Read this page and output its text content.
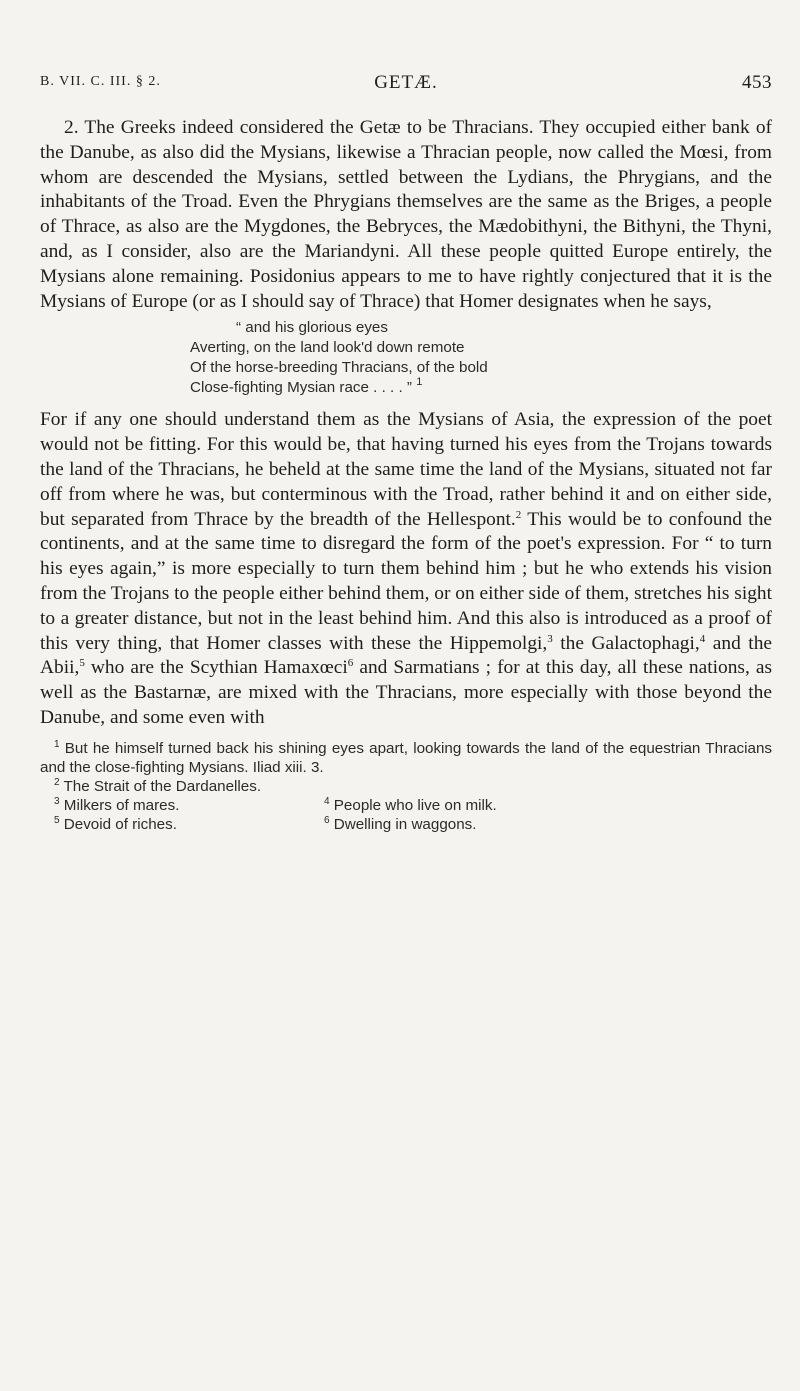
B. VII. C. III. § 2.	GETÆ.	453

2. The Greeks indeed considered the Getæ to be Thracians. They occupied either bank of the Danube, as also did the Mysians, likewise a Thracian people, now called the Mœsi, from whom are descended the Mysians, settled between the Lydians, the Phrygians, and the inhabitants of the Troad. Even the Phrygians themselves are the same as the Briges, a people of Thrace, as also are the Mygdones, the Bebryces, the Mædobithyni, the Bithyni, the Thyni, and, as I consider, also are the Mariandyni. All these people quitted Europe entirely, the Mysians alone remaining. Posidonius appears to me to have rightly conjectured that it is the Mysians of Europe (or as I should say of Thrace) that Homer designates when he says,

“ and his glorious eyes
Averting, on the land look'd down remote
Of the horse-breeding Thracians, of the bold
Close-fighting Mysian race . . . . ” $^1$

For if any one should understand them as the Mysians of Asia, the expression of the poet would not be fitting. For this would be, that having turned his eyes from the Trojans towards the land of the Thracians, he beheld at the same time the land of the Mysians, situated not far off from where he was, but conterminous with the Troad, rather behind it and on either side, but separated from Thrace by the breadth of the Hellespont.$^2$ This would be to confound the continents, and at the same time to disregard the form of the poet's expression. For “ to turn his eyes again,” is more especially to turn them behind him ; but he who extends his vision from the Trojans to the people either behind them, or on either side of them, stretches his sight to a greater distance, but not in the least behind him. And this also is introduced as a proof of this very thing, that Homer classes with these the Hippemolgi,$^3$ the Galactophagi,$^4$ and the Abii,$^5$ who are the Scythian Hamaxœci$^6$ and Sarmatians ; for at this day, all these nations, as well as the Bastarnæ, are mixed with the Thracians, more especially with those beyond the Danube, and some even with

$^1$ But he himself turned back his shining eyes apart, looking towards the land of the equestrian Thracians and the close-fighting Mysians. Iliad xiii. 3.
$^2$ The Strait of the Dardanelles.
$^3$ Milkers of mares.	$^4$ People who live on milk.
$^5$ Devoid of riches.	$^6$ Dwelling in waggons.
